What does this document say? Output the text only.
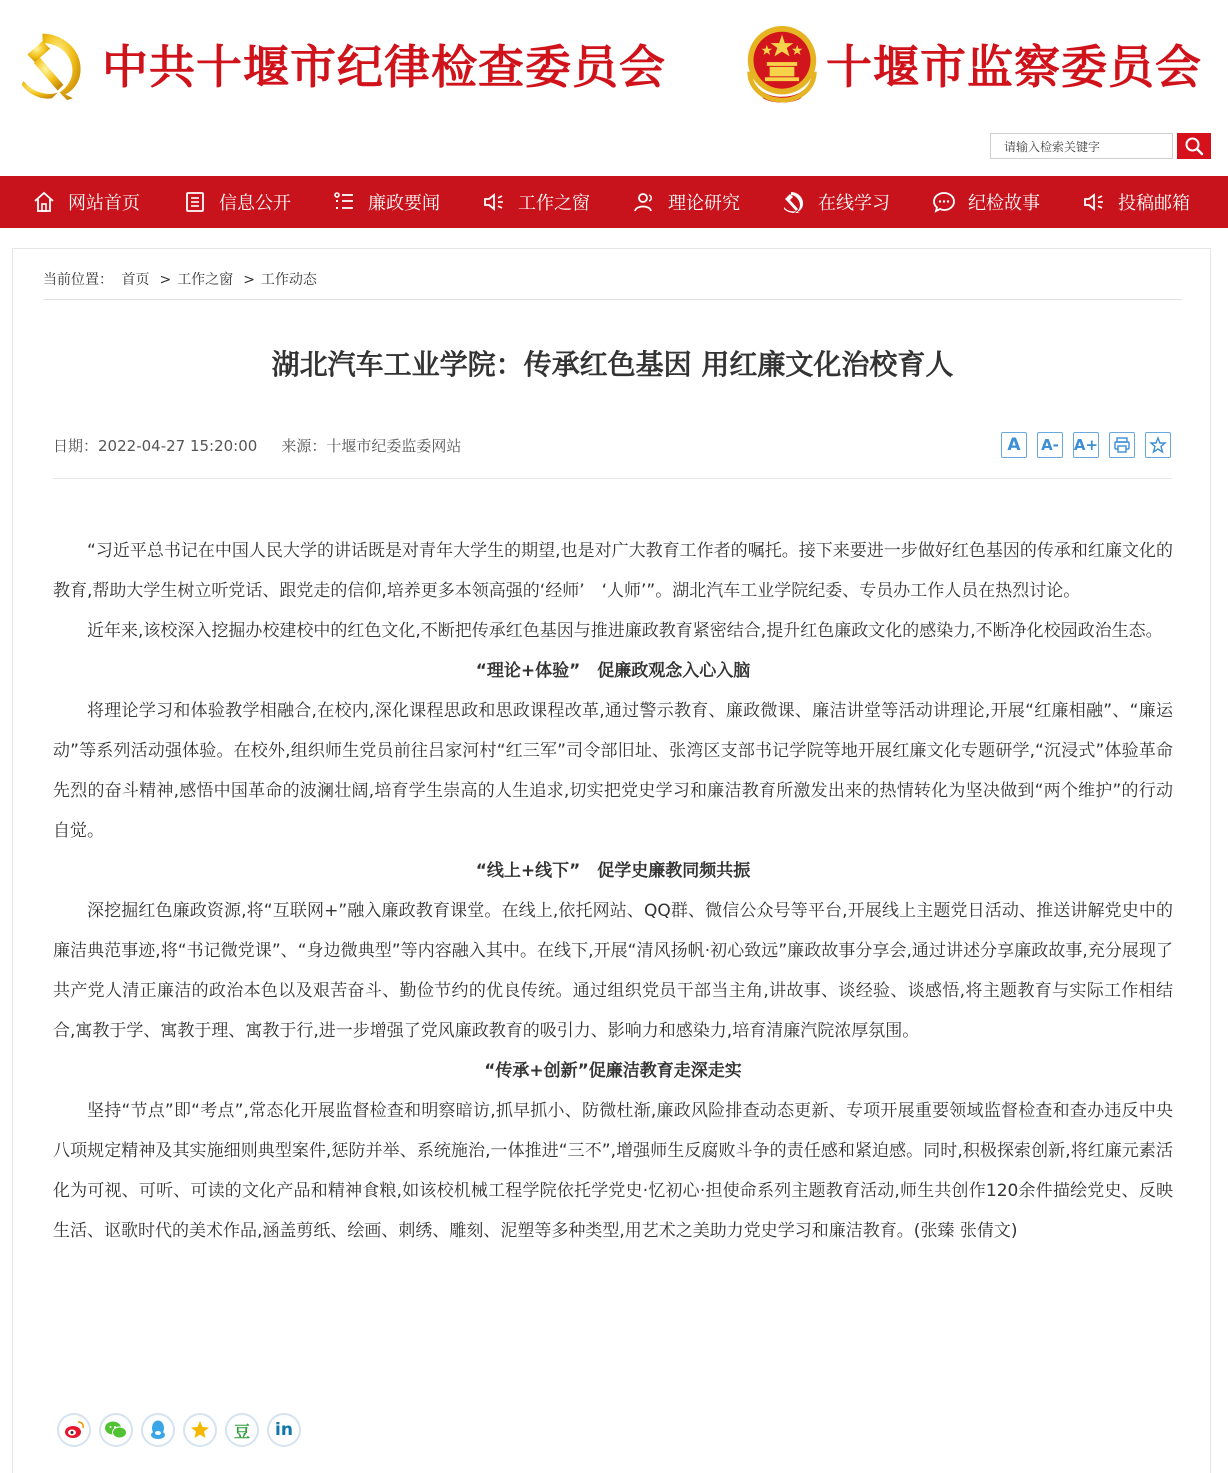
中共十堰市纪律检查委员会	十堰市监察委员会
请输入检索关键字
网站首页	信息公开	廉政要闻	工作之窗	理论研究	在线学习	纪检故事	投稿邮箱
当前位置： 首页 > 工作之窗 > 工作动态
湖北汽车工业学院：传承红色基因 用红廉文化治校育人
日期：2022-04-27 15:20:00 来源：十堰市纪委监委网站	A	A- A+

“习近平总书记在中国人民大学的讲话既是对青年大学生的期望,也是对广大教育工作者的嘱托。接下来要进一步做好红色基因的传承和红廉文化的教育,帮助大学生树立听党话、跟党走的信仰,培养更多本领高强的‘经师’　‘人师’”。湖北汽车工业学院纪委、专员办工作人员在热烈讨论。

近年来,该校深入挖掘办校建校中的红色文化,不断把传承红色基因与推进廉政教育紧密结合,提升红色廉政文化的感染力,不断净化校园政治生态。

“理论+体验”　促廉政观念入心入脑

将理论学习和体验教学相融合,在校内,深化课程思政和思政课程改革,通过警示教育、廉政微课、廉洁讲堂等活动讲理论,开展“红廉相融”、“廉运动”等系列活动强体验。在校外,组织师生党员前往吕家河村“红三军”司令部旧址、张湾区支部书记学院等地开展红廉文化专题研学,“沉浸式”体验革命先烈的奋斗精神,感悟中国革命的波澜壮阔,培育学生崇高的人生追求,切实把党史学习和廉洁教育所激发出来的热情转化为坚决做到“两个维护”的行动自觉。

“线上+线下”　促学史廉教同频共振

深挖掘红色廉政资源,将“互联网+”融入廉政教育课堂。在线上,依托网站、QQ群、微信公众号等平台,开展线上主题党日活动、推送讲解党史中的廉洁典范事迹,将“书记微党课”、“身边微典型”等内容融入其中。在线下,开展“清风扬帆·初心致远”廉政故事分享会,通过讲述分享廉政故事,充分展现了共产党人清正廉洁的政治本色以及艰苦奋斗、勤俭节约的优良传统。通过组织党员干部当主角,讲故事、谈经验、谈感悟,将主题教育与实际工作相结合,寓教于学、寓教于理、寓教于行,进一步增强了党风廉政教育的吸引力、影响力和感染力,培育清廉汽院浓厚氛围。

“传承+创新”促廉洁教育走深走实

坚持“节点”即“考点”,常态化开展监督检查和明察暗访,抓早抓小、防微杜渐,廉政风险排查动态更新、专项开展重要领域监督检查和查办违反中央八项规定精神及其实施细则典型案件,惩防并举、系统施治,一体推进“三不”,增强师生反腐败斗争的责任感和紧迫感。同时,积极探索创新,将红廉元素活化为可视、可听、可读的文化产品和精神食粮,如该校机械工程学院依托学党史·忆初心·担使命系列主题教育活动,师生共创作120余件描绘党史、反映生活、讴歌时代的美术作品,涵盖剪纸、绘画、刺绣、雕刻、泥塑等多种类型,用艺术之美助力党史学习和廉洁教育。(张臻 张倩文)

豆 in
